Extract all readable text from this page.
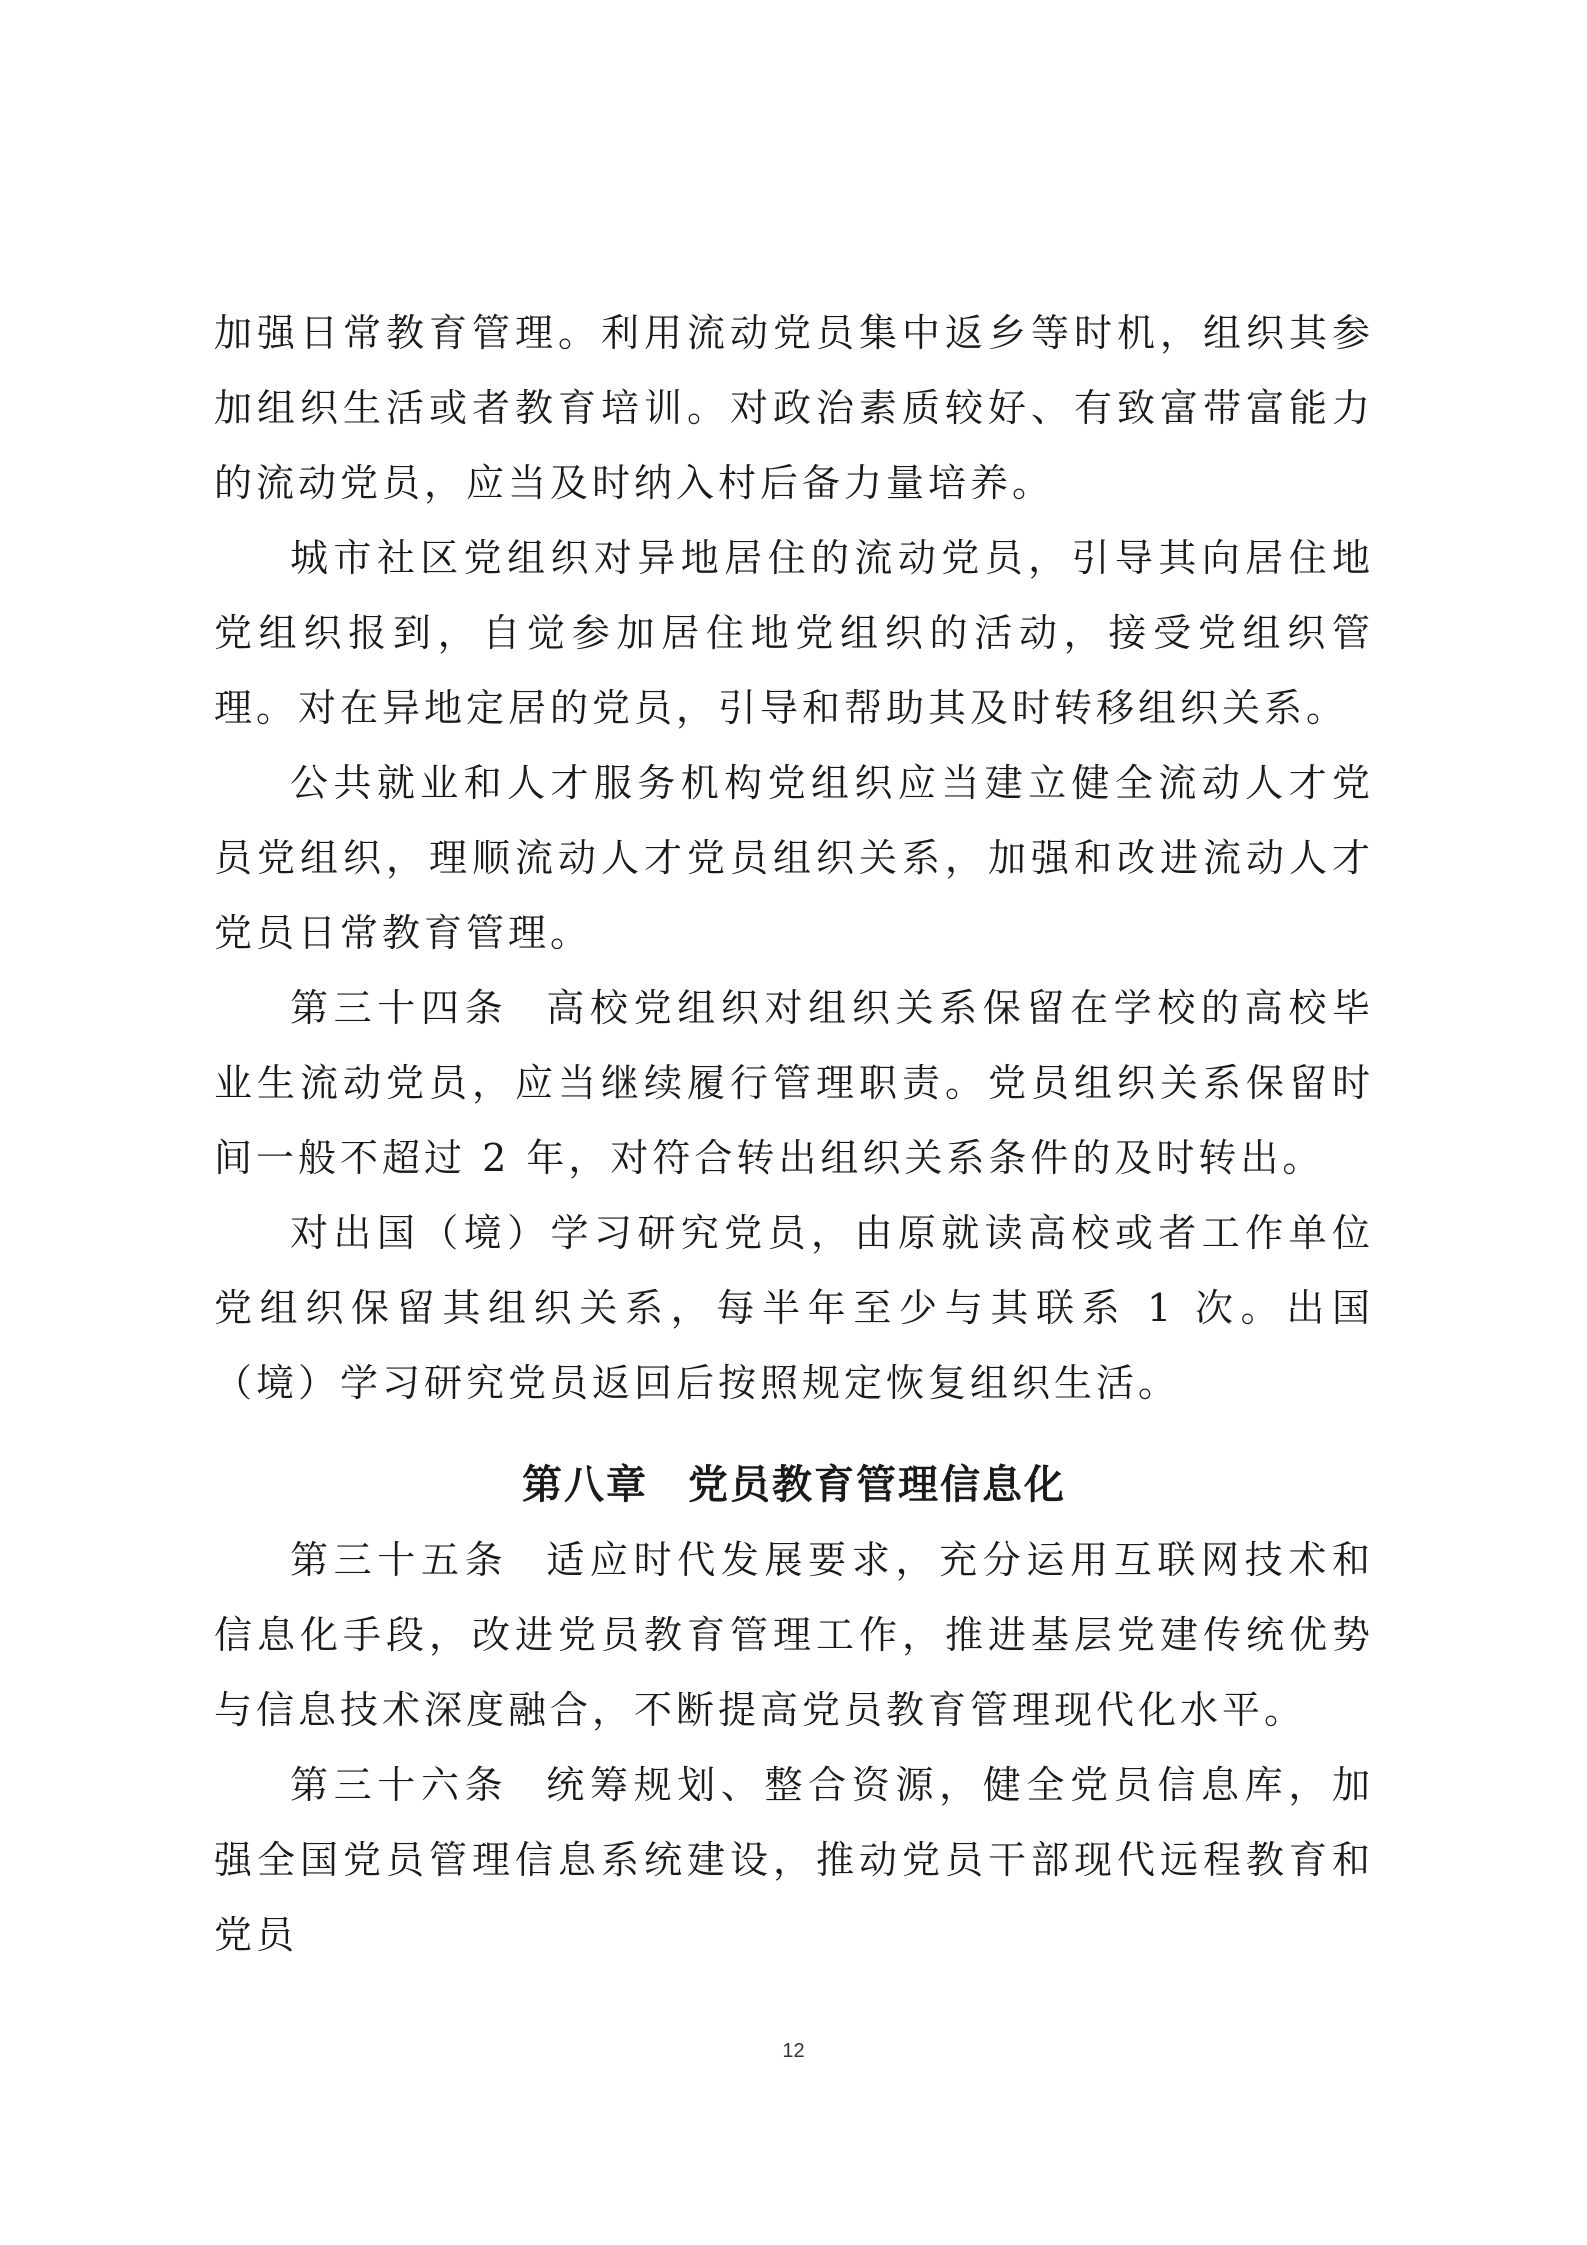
加强日常教育管理。利用流动党员集中返乡等时机，组织其参加组织生活或者教育培训。对政治素质较好、有致富带富能力的流动党员，应当及时纳入村后备力量培养。

城市社区党组织对异地居住的流动党员，引导其向居住地党组织报到，自觉参加居住地党组织的活动，接受党组织管理。对在异地定居的党员，引导和帮助其及时转移组织关系。

公共就业和人才服务机构党组织应当建立健全流动人才党员党组织，理顺流动人才党员组织关系，加强和改进流动人才党员日常教育管理。

第三十四条 高校党组织对组织关系保留在学校的高校毕业生流动党员，应当继续履行管理职责。党员组织关系保留时间一般不超过 2 年，对符合转出组织关系条件的及时转出。

对出国（境）学习研究党员，由原就读高校或者工作单位党组织保留其组织关系，每半年至少与其联系 1 次。出国（境）学习研究党员返回后按照规定恢复组织生活。

第八章 党员教育管理信息化

第三十五条 适应时代发展要求，充分运用互联网技术和信息化手段，改进党员教育管理工作，推进基层党建传统优势与信息技术深度融合，不断提高党员教育管理现代化水平。

第三十六条 统筹规划、整合资源，健全党员信息库，加强全国党员管理信息系统建设，推动党员干部现代远程教育和党员

12
